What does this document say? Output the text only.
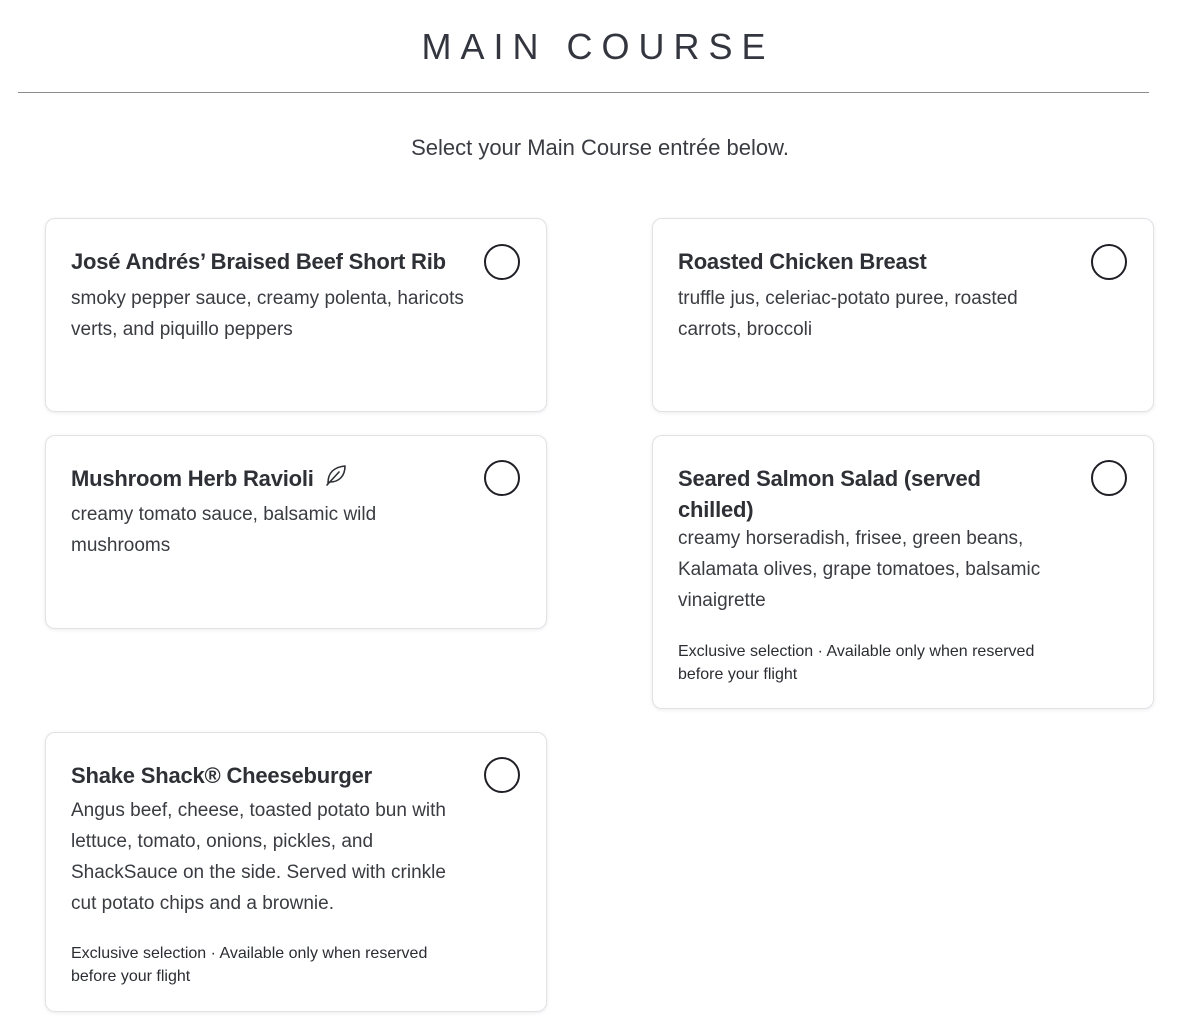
MAIN COURSE
Select your Main Course entrée below.
José Andrés’ Braised Beef Short Rib
smoky pepper sauce, creamy polenta, haricots verts, and piquillo peppers
Roasted Chicken Breast
truffle jus, celeriac-potato puree, roasted carrots, broccoli
Mushroom Herb Ravioli
creamy tomato sauce, balsamic wild mushrooms
Seared Salmon Salad (served chilled)
creamy horseradish, frisee, green beans, Kalamata olives, grape tomatoes, balsamic vinaigrette
Exclusive selection · Available only when reserved before your flight
Shake Shack® Cheeseburger
Angus beef, cheese, toasted potato bun with lettuce, tomato, onions, pickles, and ShackSauce on the side. Served with crinkle cut potato chips and a brownie.
Exclusive selection · Available only when reserved before your flight
